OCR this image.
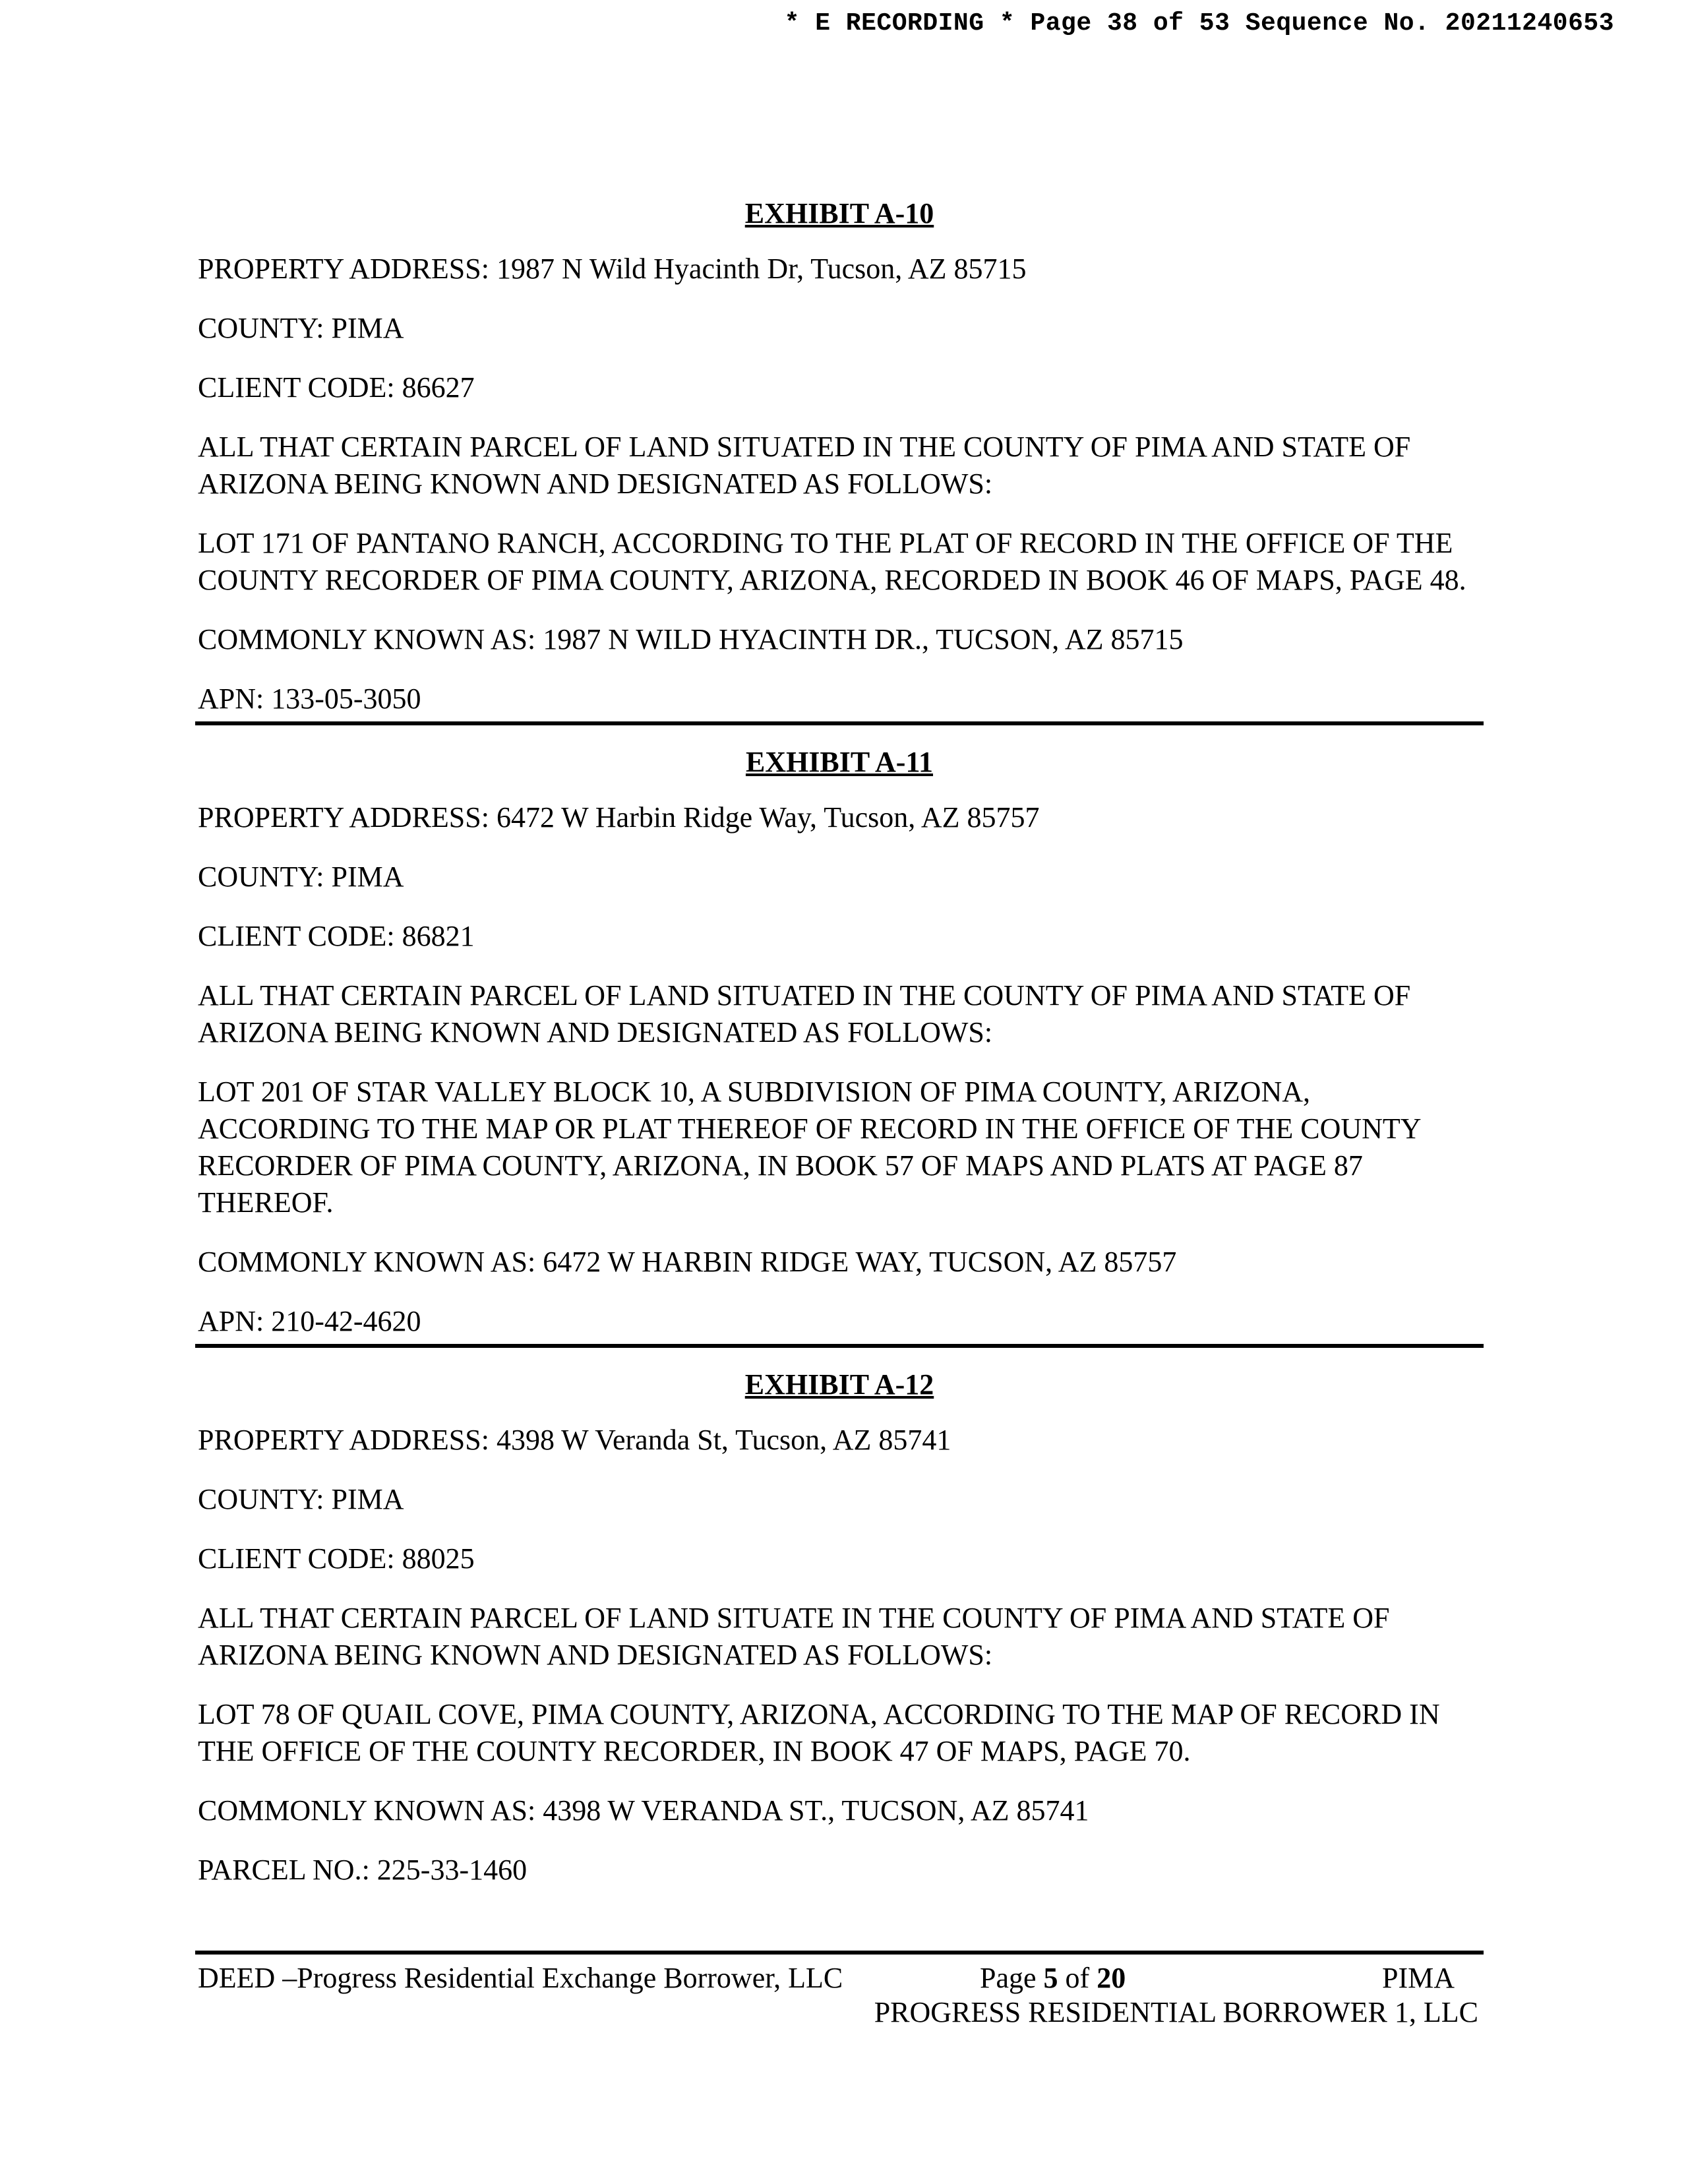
* E RECORDING * Page 38 of 53 Sequence No. 20211240653
EXHIBIT A-10

PROPERTY ADDRESS: 1987 N Wild Hyacinth Dr, Tucson, AZ 85715

COUNTY: PIMA

CLIENT CODE: 86627

ALL THAT CERTAIN PARCEL OF LAND SITUATED IN THE COUNTY OF PIMA AND STATE OF ARIZONA BEING KNOWN AND DESIGNATED AS FOLLOWS:

LOT 171 OF PANTANO RANCH, ACCORDING TO THE PLAT OF RECORD IN THE OFFICE OF THE COUNTY RECORDER OF PIMA COUNTY, ARIZONA, RECORDED IN BOOK 46 OF MAPS, PAGE 48.

COMMONLY KNOWN AS: 1987 N WILD HYACINTH DR., TUCSON, AZ 85715

APN: 133-05-3050

EXHIBIT A-11

PROPERTY ADDRESS: 6472 W Harbin Ridge Way, Tucson, AZ 85757

COUNTY: PIMA

CLIENT CODE: 86821

ALL THAT CERTAIN PARCEL OF LAND SITUATED IN THE COUNTY OF PIMA AND STATE OF ARIZONA BEING KNOWN AND DESIGNATED AS FOLLOWS:

LOT 201 OF STAR VALLEY BLOCK 10, A SUBDIVISION OF PIMA COUNTY, ARIZONA, ACCORDING TO THE MAP OR PLAT THEREOF OF RECORD IN THE OFFICE OF THE COUNTY RECORDER OF PIMA COUNTY, ARIZONA, IN BOOK 57 OF MAPS AND PLATS AT PAGE 87 THEREOF.

COMMONLY KNOWN AS: 6472 W HARBIN RIDGE WAY, TUCSON, AZ 85757

APN: 210-42-4620

EXHIBIT A-12

PROPERTY ADDRESS: 4398 W Veranda St, Tucson, AZ 85741

COUNTY: PIMA

CLIENT CODE: 88025

ALL THAT CERTAIN PARCEL OF LAND SITUATE IN THE COUNTY OF PIMA AND STATE OF ARIZONA BEING KNOWN AND DESIGNATED AS FOLLOWS:

LOT 78 OF QUAIL COVE, PIMA COUNTY, ARIZONA, ACCORDING TO THE MAP OF RECORD IN THE OFFICE OF THE COUNTY RECORDER, IN BOOK 47 OF MAPS, PAGE 70.

COMMONLY KNOWN AS: 4398 W VERANDA ST., TUCSON, AZ 85741

PARCEL NO.: 225-33-1460

DEED –Progress Residential Exchange Borrower, LLC	Page 5 of 20	PIMA
PROGRESS RESIDENTIAL BORROWER 1, LLC
